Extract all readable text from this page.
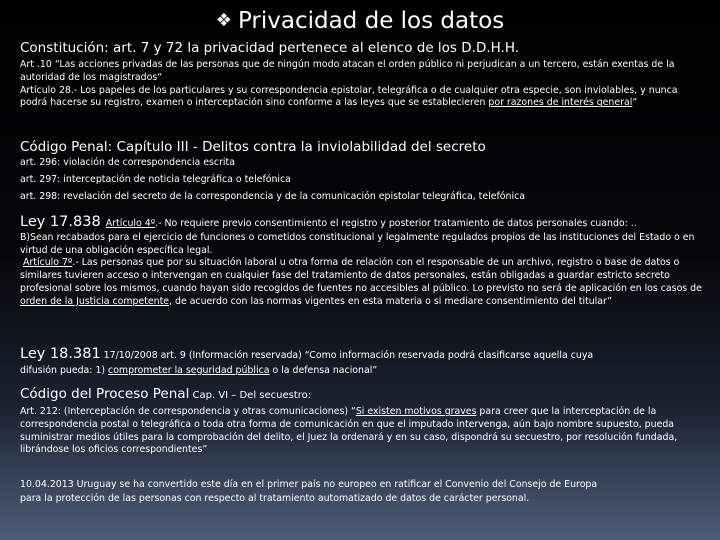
❖ Privacidad de los datos
Constitución: art. 7 y 72 la privacidad pertenece al elenco de los D.D.H.H.
Art .10 “Las acciones privadas de las personas que de ningún modo atacan el orden público ni perjudican a un tercero, están exentas de la autoridad de los magistrados“
Artículo 28.- Los papeles de los particulares y su correspondencia epistolar, telegráfica o de cualquier otra especie, son inviolables, y nunca podrá hacerse su registro, examen o interceptación sino conforme a las leyes que se establecieren por razones de interés general”
Código Penal: Capítulo III - Delitos contra la inviolabilidad del secreto
art. 296: violación de correspondencia escrita
art. 297: interceptación de noticia telegráfica o telefónica
art. 298: revelación del secreto de la correspondencia y de la comunicación epistolar telegráfica, telefónica
Ley 17.838 Artículo 4º.- No requiere previo consentimiento el registro y posterior tratamiento de datos personales cuando: ..
B)Sean recabados para el ejercicio de funciones o cometidos constitucional y legalmente regulados propios de las instituciones del Estado o en virtud de una obligación específica legal.
Artículo 7º.- Las personas que por su situación laboral u otra forma de relación con el responsable de un archivo, registro o base de datos o similares tuvieren acceso o intervengan en cualquier fase del tratamiento de datos personales, están obligadas a guardar estricto secreto profesional sobre los mismos, cuando hayan sido recogidos de fuentes no accesibles al público. Lo previsto no será de aplicación en los casos de orden de la Justicia competente, de acuerdo con las normas vigentes en esta materia o si mediare consentimiento del titular”
Ley 18.381 17/10/2008 art. 9 (Información reservada) “Como información reservada podrá clasificarse aquella cuya
difusión pueda: 1) comprometer la seguridad pública o la defensa nacional”
Código del Proceso Penal Cap. VI – Del secuestro:
Art. 212: (Interceptación de correspondencia y otras comunicaciones) “Si existen motivos graves para creer que la interceptación de la correspondencia postal o telegráfica o toda otra forma de comunicación en que el imputado intervenga, aún bajo nombre supuesto, pueda suministrar medios útiles para la comprobación del delito, el Juez la ordenará y en su caso, dispondrá su secuestro, por resolución fundada, librándose los oficios correspondientes”
10.04.2013 Uruguay se ha convertido este día en el primer país no europeo en ratificar el Convenio del Consejo de Europa
para la protección de las personas con respecto al tratamiento automatizado de datos de carácter personal.
